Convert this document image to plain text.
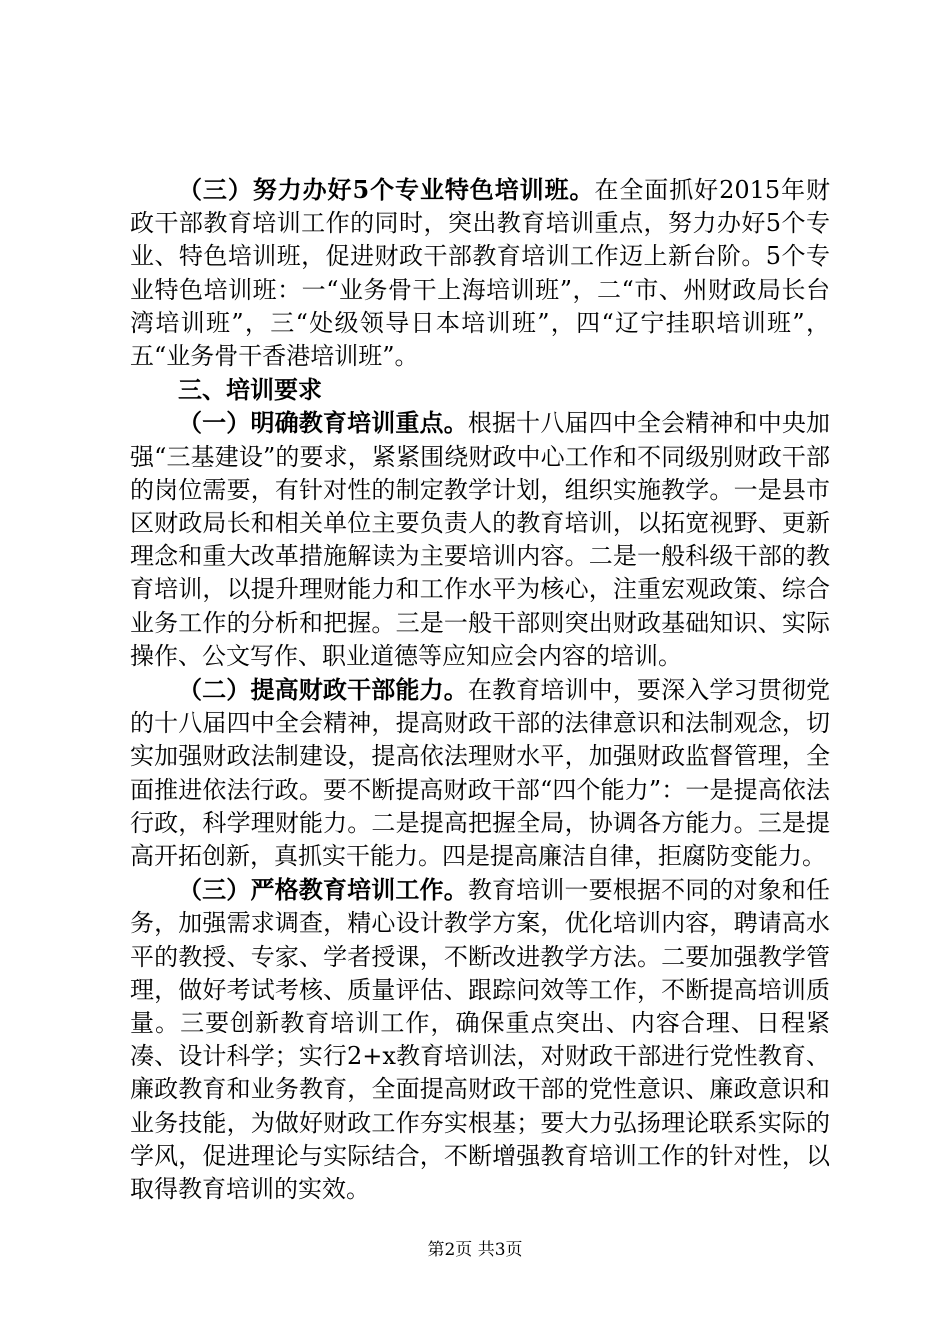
（三）努力办好5个专业特色培训班。在全面抓好2015年财政干部教育培训工作的同时，突出教育培训重点，努力办好5个专业、特色培训班，促进财政干部教育培训工作迈上新台阶。5个专业特色培训班：一“业务骨干上海培训班”，二“市、州财政局长台湾培训班”，三“处级领导日本培训班”，四“辽宁挂职培训班”，五“业务骨干香港培训班”。

三、培训要求

（一）明确教育培训重点。根据十八届四中全会精神和中央加强“三基建设”的要求，紧紧围绕财政中心工作和不同级别财政干部的岗位需要，有针对性的制定教学计划，组织实施教学。一是县市区财政局长和相关单位主要负责人的教育培训，以拓宽视野、更新理念和重大改革措施解读为主要培训内容。二是一般科级干部的教育培训，以提升理财能力和工作水平为核心，注重宏观政策、综合业务工作的分析和把握。三是一般干部则突出财政基础知识、实际操作、公文写作、职业道德等应知应会内容的培训。

（二）提高财政干部能力。在教育培训中，要深入学习贯彻党的十八届四中全会精神，提高财政干部的法律意识和法制观念，切实加强财政法制建设，提高依法理财水平，加强财政监督管理，全面推进依法行政。要不断提高财政干部“四个能力”：一是提高依法行政，科学理财能力。二是提高把握全局，协调各方能力。三是提高开拓创新，真抓实干能力。四是提高廉洁自律，拒腐防变能力。

（三）严格教育培训工作。教育培训一要根据不同的对象和任务，加强需求调查，精心设计教学方案，优化培训内容，聘请高水平的教授、专家、学者授课，不断改进教学方法。二要加强教学管理，做好考试考核、质量评估、跟踪问效等工作，不断提高培训质量。三要创新教育培训工作，确保重点突出、内容合理、日程紧凑、设计科学；实行2+x教育培训法，对财政干部进行党性教育、廉政教育和业务教育，全面提高财政干部的党性意识、廉政意识和业务技能，为做好财政工作夯实根基；要大力弘扬理论联系实际的学风，促进理论与实际结合，不断增强教育培训工作的针对性，以取得教育培训的实效。

第2页 共3页
